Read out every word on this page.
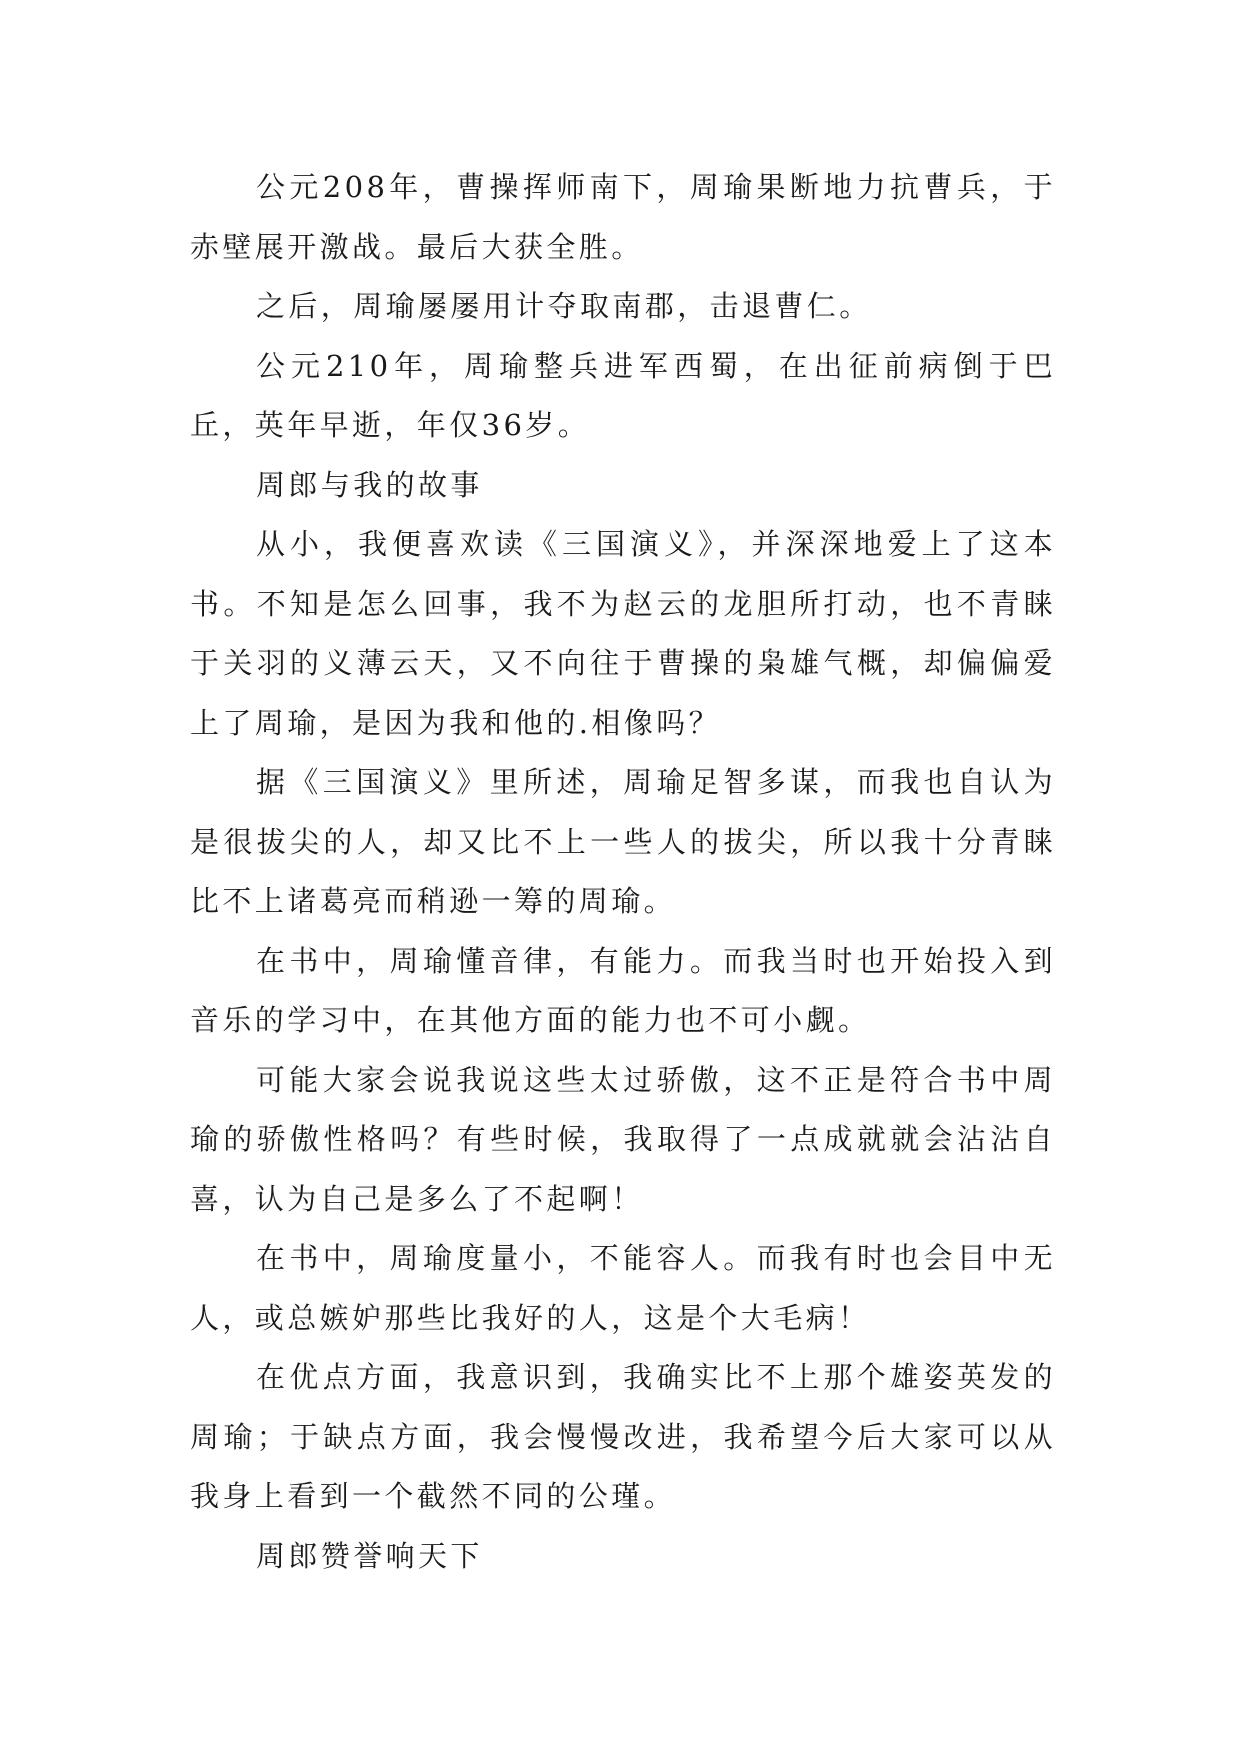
公元208年，曹操挥师南下，周瑜果断地力抗曹兵，于赤壁展开激战。最后大获全胜。

之后，周瑜屡屡用计夺取南郡，击退曹仁。

公元210年，周瑜整兵进军西蜀，在出征前病倒于巴丘，英年早逝，年仅36岁。

周郎与我的故事

从小，我便喜欢读《三国演义》，并深深地爱上了这本书。不知是怎么回事，我不为赵云的龙胆所打动，也不青睐于关羽的义薄云天，又不向往于曹操的枭雄气概，却偏偏爱上了周瑜，是因为我和他的.相像吗？

据《三国演义》里所述，周瑜足智多谋，而我也自认为是很拔尖的人，却又比不上一些人的拔尖，所以我十分青睐比不上诸葛亮而稍逊一筹的周瑜。

在书中，周瑜懂音律，有能力。而我当时也开始投入到音乐的学习中，在其他方面的能力也不可小觑。

可能大家会说我说这些太过骄傲，这不正是符合书中周瑜的骄傲性格吗？有些时候，我取得了一点成就就会沾沾自喜，认为自己是多么了不起啊！

在书中，周瑜度量小，不能容人。而我有时也会目中无人，或总嫉妒那些比我好的人，这是个大毛病！

在优点方面，我意识到，我确实比不上那个雄姿英发的周瑜；于缺点方面，我会慢慢改进，我希望今后大家可以从我身上看到一个截然不同的公瑾。

周郎赞誉响天下
